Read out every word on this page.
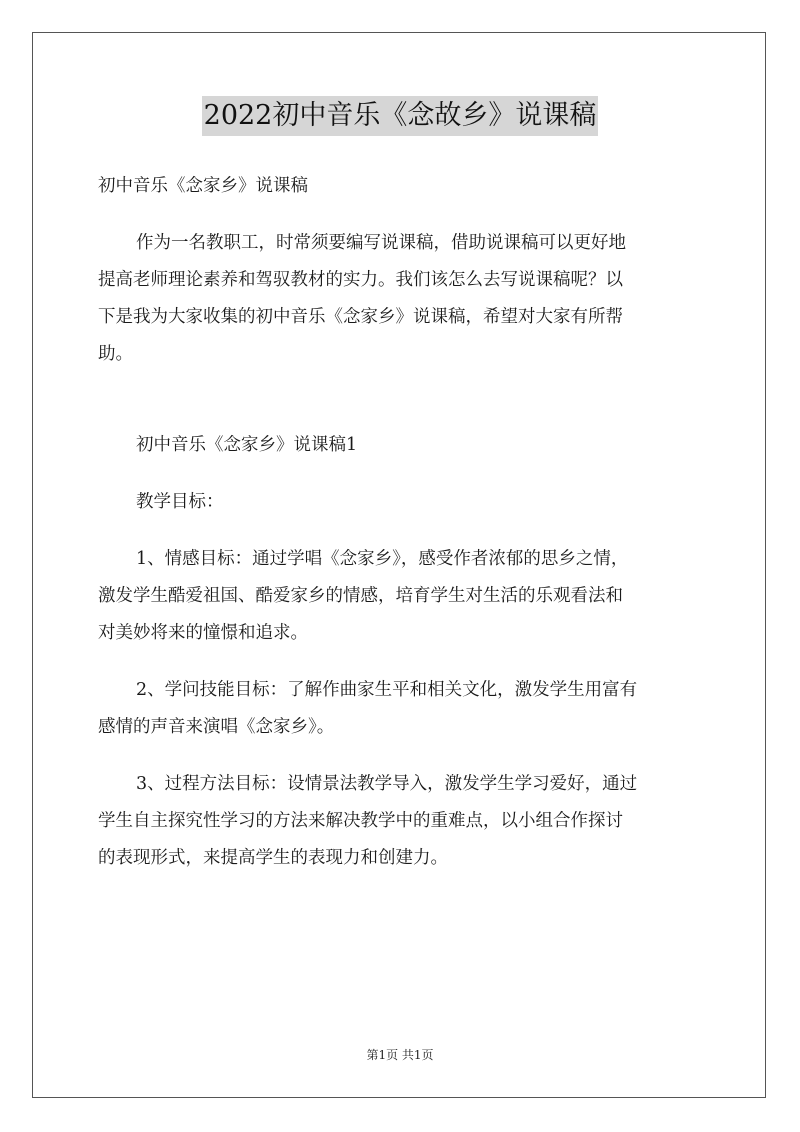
2022初中音乐《念故乡》说课稿
初中音乐《念家乡》说课稿
作为一名教职工，时常须要编写说课稿，借助说课稿可以更好地
提高老师理论素养和驾驭教材的实力。我们该怎么去写说课稿呢？以
下是我为大家收集的初中音乐《念家乡》说课稿，希望对大家有所帮
助。
初中音乐《念家乡》说课稿1
教学目标：
1、情感目标：通过学唱《念家乡》，感受作者浓郁的思乡之情，
激发学生酷爱祖国、酷爱家乡的情感，培育学生对生活的乐观看法和
对美妙将来的憧憬和追求。
2、学问技能目标：了解作曲家生平和相关文化，激发学生用富有
感情的声音来演唱《念家乡》。
3、过程方法目标：设情景法教学导入，激发学生学习爱好，通过
学生自主探究性学习的方法来解决教学中的重难点，以小组合作探讨
的表现形式，来提高学生的表现力和创建力。
第1页 共1页
